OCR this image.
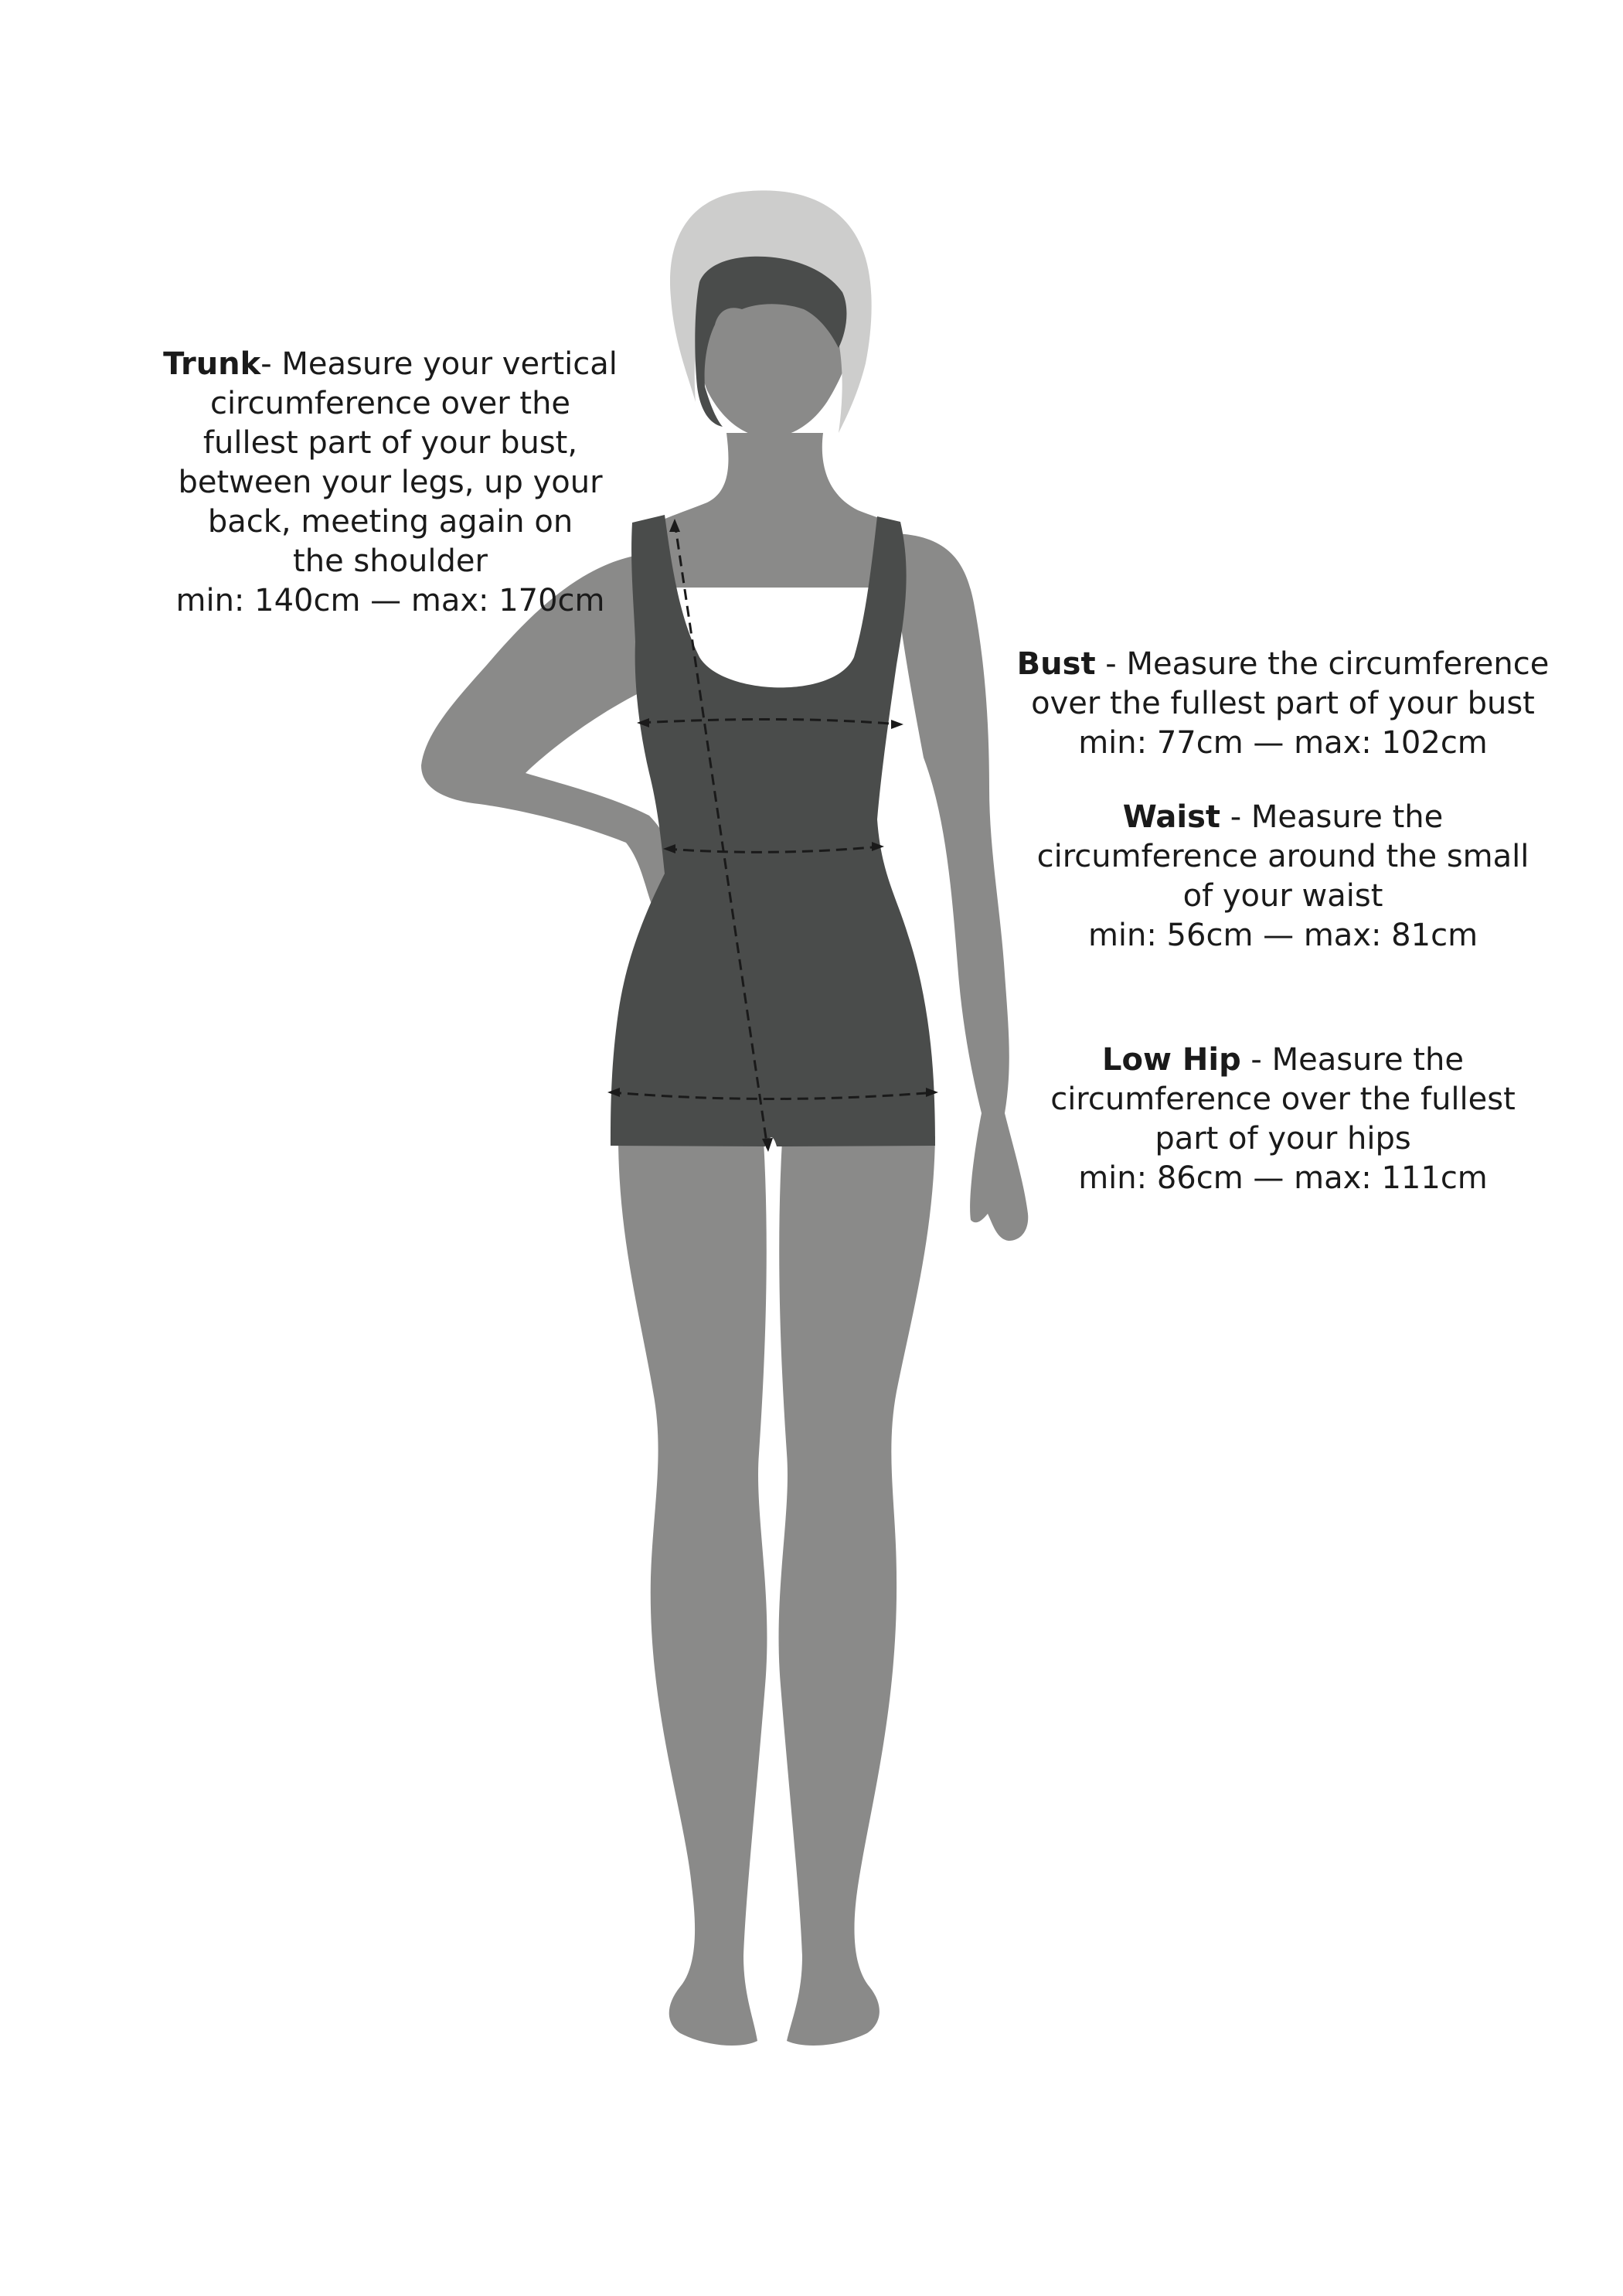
Trunk- Measure your vertical
circumference over the
fullest part of your bust,
between your legs, up your
back, meeting again on
the shoulder
min: 140cm — max: 170cm
Bust - Measure the circumference
over the fullest part of your bust
min: 77cm — max: 102cm
Waist - Measure the
circumference around the small
of your waist
min: 56cm — max: 81cm
Low Hip - Measure the
circumference over the fullest
part of your hips
min: 86cm — max: 111cm
